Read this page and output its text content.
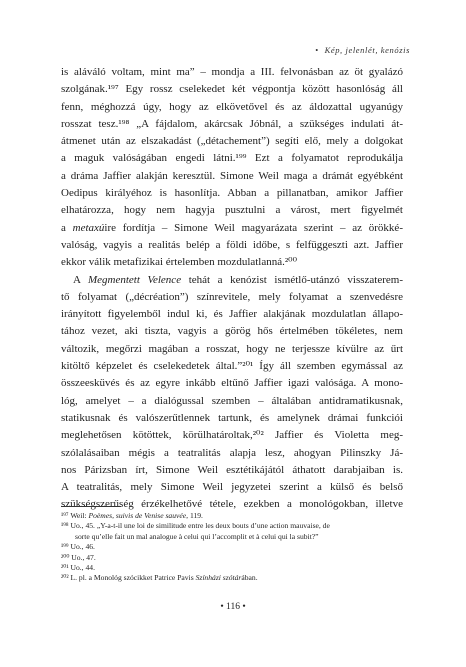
• Kép, jelenlét, kenózis
is aláváló voltam, mint ma” – mondja a III. felvonásban az öt gyalázó
szolgának.¹⁹⁷ Egy rossz cselekedet két végpontja között hasonlóság áll
fenn, méghozzá úgy, hogy az elkövetővel és az áldozattal ugyanúgy
rosszat tesz.¹⁹⁸ „A fájdalom, akárcsak Jóbnál, a szükséges indulati át-
átmenet után az elszakadást („détachement”) segíti elő, mely a dolgokat
a maguk valóságában engedi látni.¹⁹⁹ Ezt a folyamatot reprodukálja
a dráma Jaffier alakján keresztül. Simone Weil maga a drámát egyébként
Oedipus királyéhoz is hasonlítja. Abban a pillanatban, amikor Jaffier
elhatározza, hogy nem hagyja pusztulni a várost, mert figyelmét
a metaxúire fordítja – Simone Weil magyarázata szerint – az örökké-
valóság, vagyis a realitás belép a földi időbe, s felfüggeszti azt. Jaffier
ekkor válik metafizikai értelemben mozdulatlanná.²⁰⁰
A Megmentett Velence tehát a kenózist ismétlő-utánzó visszaterem-
tő folyamat („décréation”) színrevitele, mely folyamat a szenvedésre
irányított figyelemből indul ki, és Jaffier alakjának mozdulatlan állapo-
tához vezet, aki tiszta, vagyis a görög hős értelmében tökéletes, nem
változik, megőrzi magában a rosszat, hogy ne terjessze kívülre az űrt
kitöltő képzelet és cselekedetek által.”²⁰¹ Így áll szemben egymással az
összeesküvés és az egyre inkább eltűnő Jaffier igazi valósága. A mono-
lóg, amelyet – a dialógussal szemben – általában antidramatikusnak,
statikusnak és valószerűtlennek tartunk, és amelynek drámai funkciói
meglehetősen kötöttek, körülhatároltak,²⁰² Jaffier és Violetta meg-
szólalásaiban mégis a teatralitás alapja lesz, ahogyan Pilinszky Já-
nos Párizsban írt, Simone Weil esztétikájától áthatott darabjaiban is.
A teatralitás, mely Simone Weil jegyzetei szerint a külső és belső
szükségszerűség érzékelhetővé tétele, ezekben a monológokban, illetve
¹⁹⁷ Weil: Poèmes, suivis de Venise sauvée, 119.
¹⁹⁸ Uo., 45. „Y-a-t-il une loi de similitude entre les deux bouts d’une action mauvaise, de
sorte qu’elle fait un mal analogue à celui qui l’accomplit et à celui qui la subit?”
¹⁹⁹ Uo., 46.
²⁰⁰ Uo., 47.
²⁰¹ Uo., 44.
²⁰² L. pl. a Monológ szócikket Patrice Pavis Színházi szótárában.
• 116 •
